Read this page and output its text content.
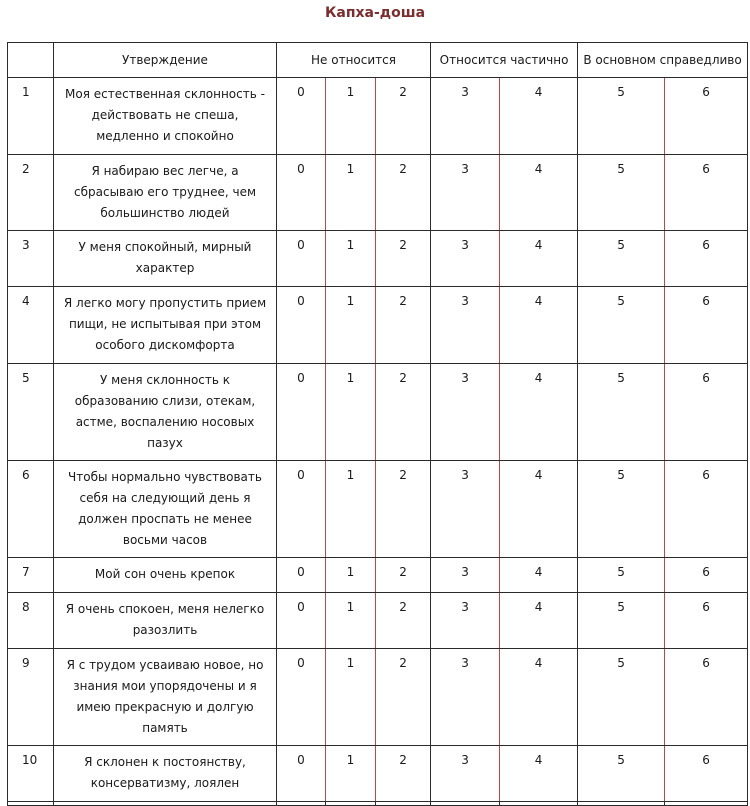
Капха-доша
	Утверждение	Не относится			Относится частично		В основном справедливо	
1	Моя естественная склонность - действовать не спеша, медленно и спокойно	0	1	2	3	4	5	6
2	Я набираю вес легче, а сбрасываю его труднее, чем большинство людей	0	1	2	3	4	5	6
3	У меня спокойный, мирный характер	0	1	2	3	4	5	6
4	Я легко могу пропустить прием пищи, не испытывая при этом особого дискомфорта	0	1	2	3	4	5	6
5	У меня склонность к образованию слизи, отекам, астме, воспалению носовых пазух	0	1	2	3	4	5	6
6	Чтобы нормально чувствовать себя на следующий день я должен проспать не менее восьми часов	0	1	2	3	4	5	6
7	Мой сон очень крепок	0	1	2	3	4	5	6
8	Я очень спокоен, меня нелегко разозлить	0	1	2	3	4	5	6
9	Я с трудом усваиваю новое, но знания мои упорядочены и я имею прекрасную и долгую память	0	1	2	3	4	5	6
10	Я склонен к постоянству, консерватизму, лоялен	0	1	2	3	4	5	6
